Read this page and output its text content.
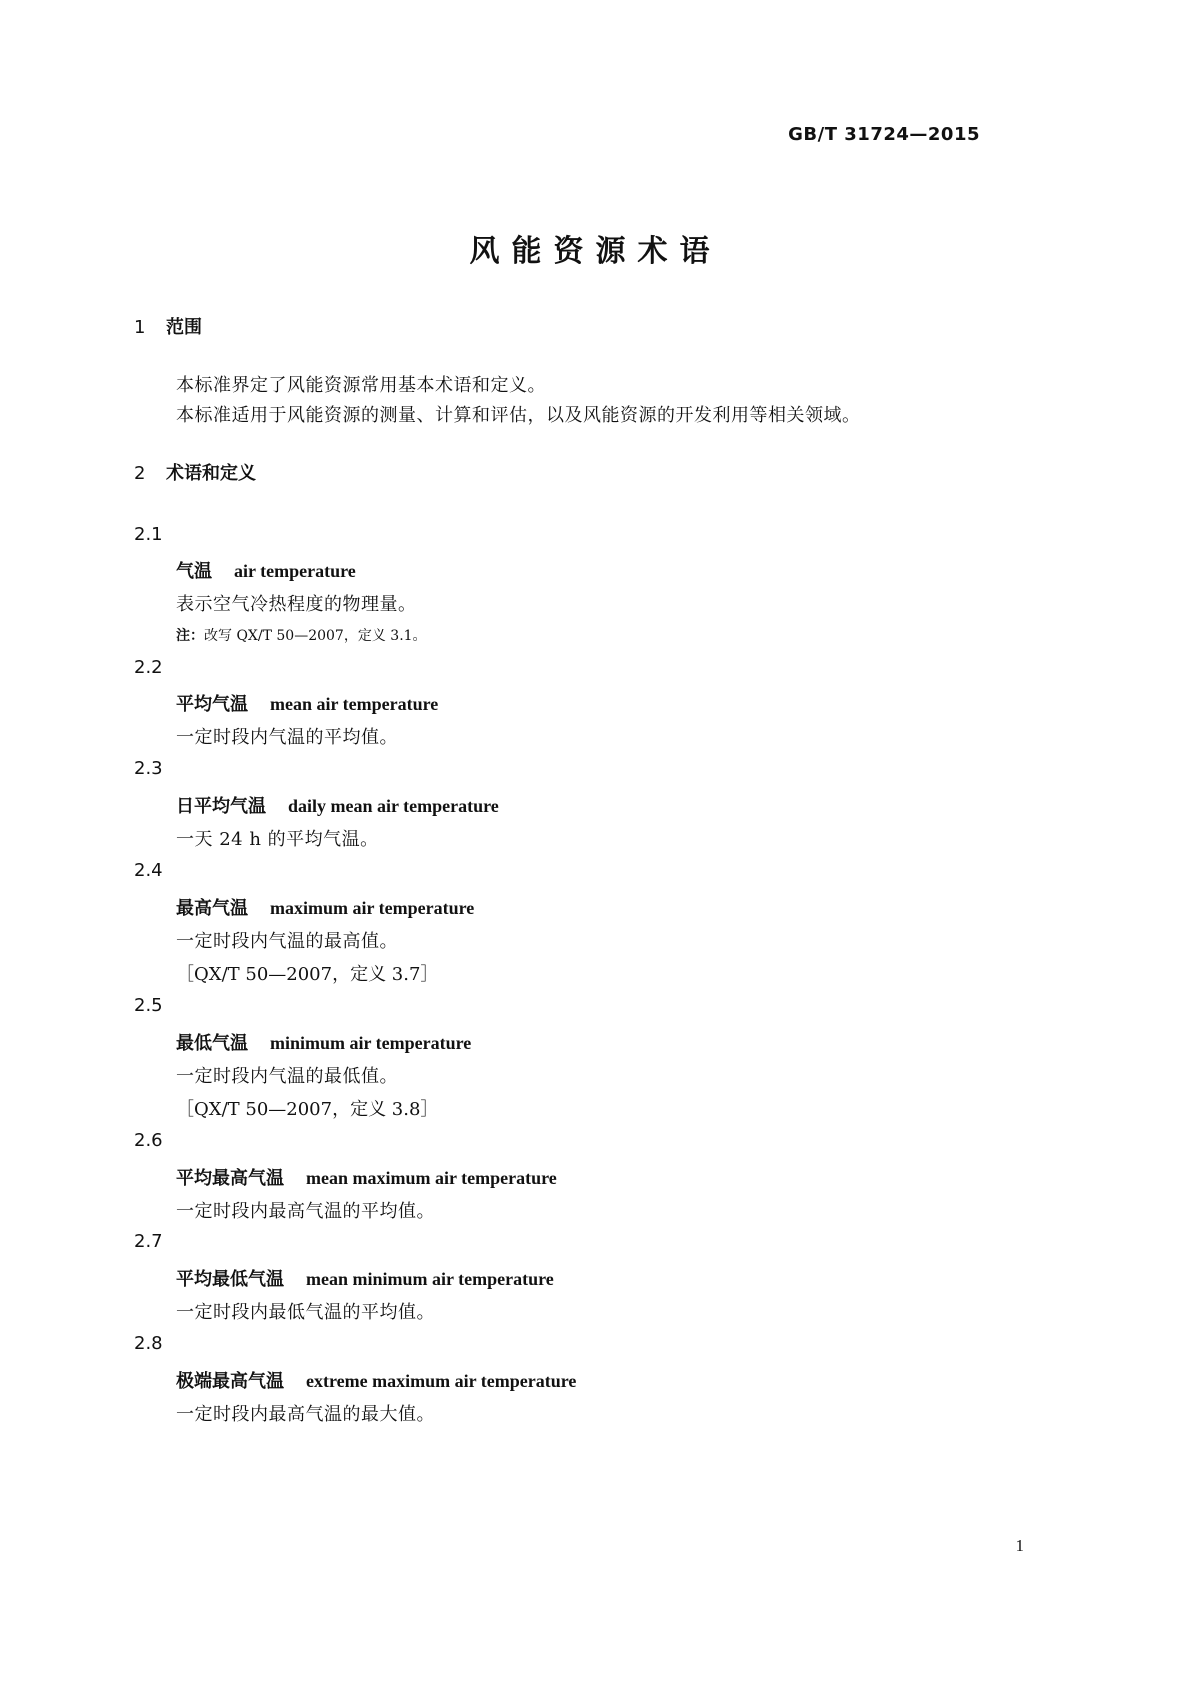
GB/T 31724—2015
风能资源术语
1 范围
本标准界定了风能资源常用基本术语和定义。
本标准适用于风能资源的测量、计算和评估，以及风能资源的开发利用等相关领域。
2 术语和定义
2.1
气温 air temperature
表示空气冷热程度的物理量。
注：改写 QX/T 50—2007，定义 3.1。
2.2
平均气温 mean air temperature
一定时段内气温的平均值。
2.3
日平均气温 daily mean air temperature
一天 24 h 的平均气温。
2.4
最高气温 maximum air temperature
一定时段内气温的最高值。
［QX/T 50—2007，定义 3.7］
2.5
最低气温 minimum air temperature
一定时段内气温的最低值。
［QX/T 50—2007，定义 3.8］
2.6
平均最高气温 mean maximum air temperature
一定时段内最高气温的平均值。
2.7
平均最低气温 mean minimum air temperature
一定时段内最低气温的平均值。
2.8
极端最高气温 extreme maximum air temperature
一定时段内最高气温的最大值。
1
